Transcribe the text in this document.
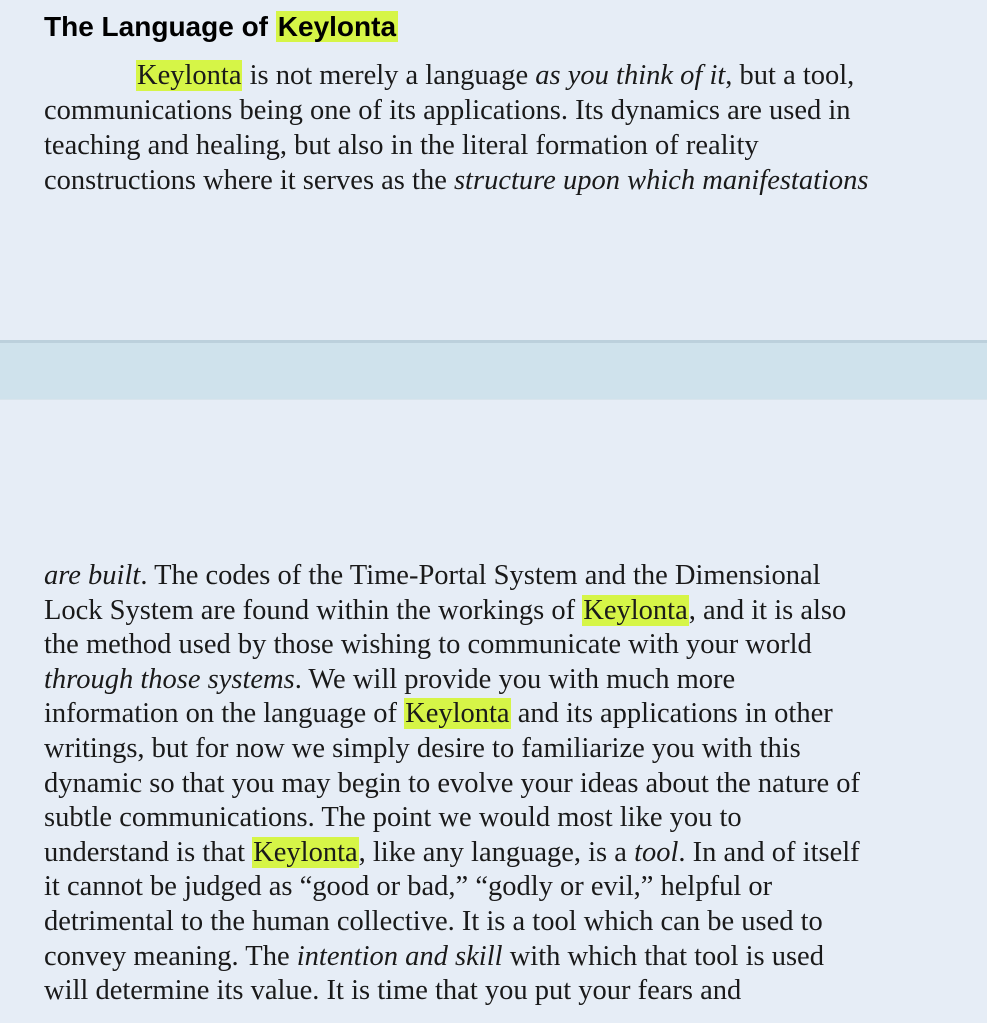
The Language of Keylonta
Keylonta is not merely a language as you think of it, but a tool,
communications being one of its applications. Its dynamics are used in
teaching and healing, but also in the literal formation of reality
constructions where it serves as the structure upon which manifestations
are built. The codes of the Time-Portal System and the Dimensional
Lock System are found within the workings of Keylonta, and it is also
the method used by those wishing to communicate with your world
through those systems. We will provide you with much more
information on the language of Keylonta and its applications in other
writings, but for now we simply desire to familiarize you with this
dynamic so that you may begin to evolve your ideas about the nature of
subtle communications. The point we would most like you to
understand is that Keylonta, like any language, is a tool. In and of itself
it cannot be judged as “good or bad,” “godly or evil,” helpful or
detrimental to the human collective. It is a tool which can be used to
convey meaning. The intention and skill with which that tool is used
will determine its value. It is time that you put your fears and
